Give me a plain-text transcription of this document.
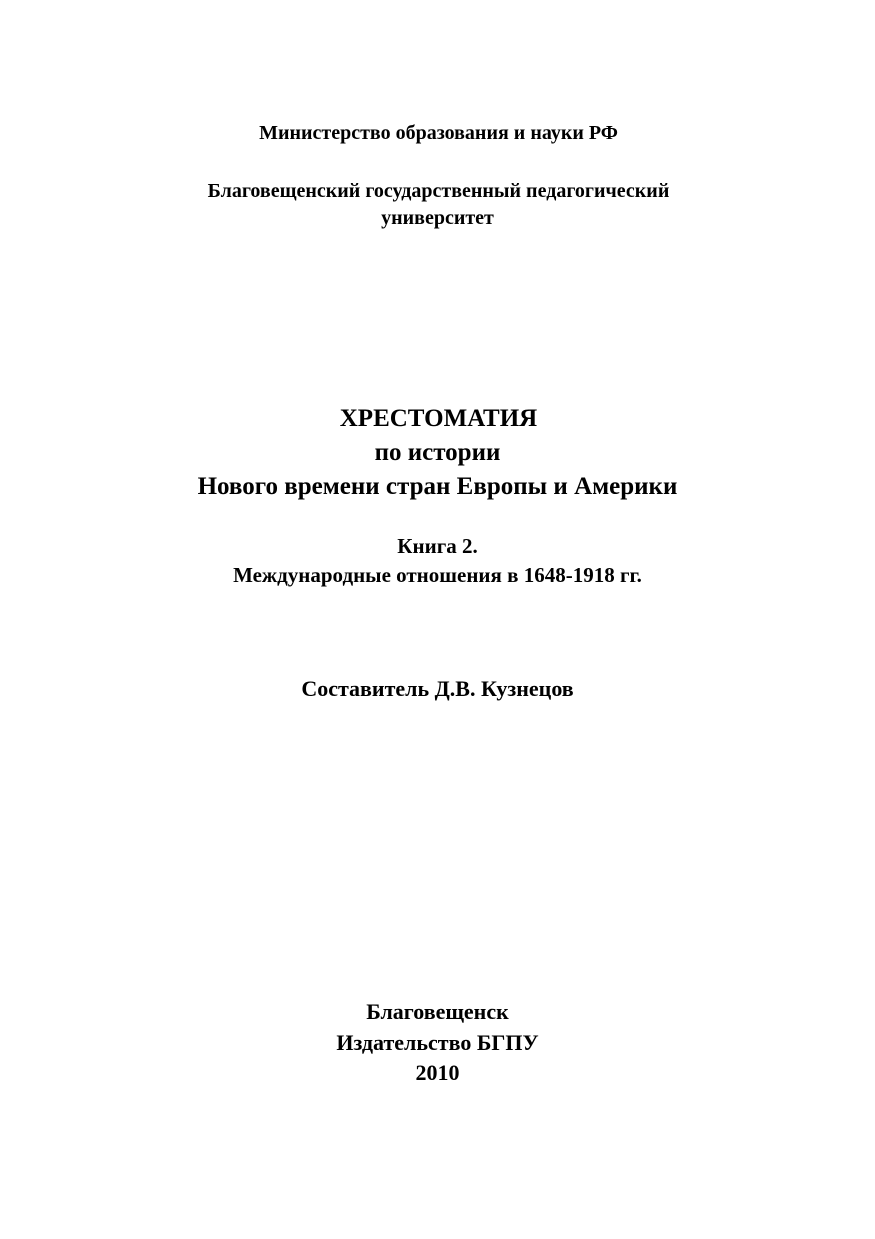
Министерство образования и науки РФ
Благовещенский государственный педагогический
университет
ХРЕСТОМАТИЯ
по истории
Нового времени стран Европы и Америки
Книга 2.
Международные отношения в 1648-1918 гг.
Составитель Д.В. Кузнецов
Благовещенск
Издательство БГПУ
2010
